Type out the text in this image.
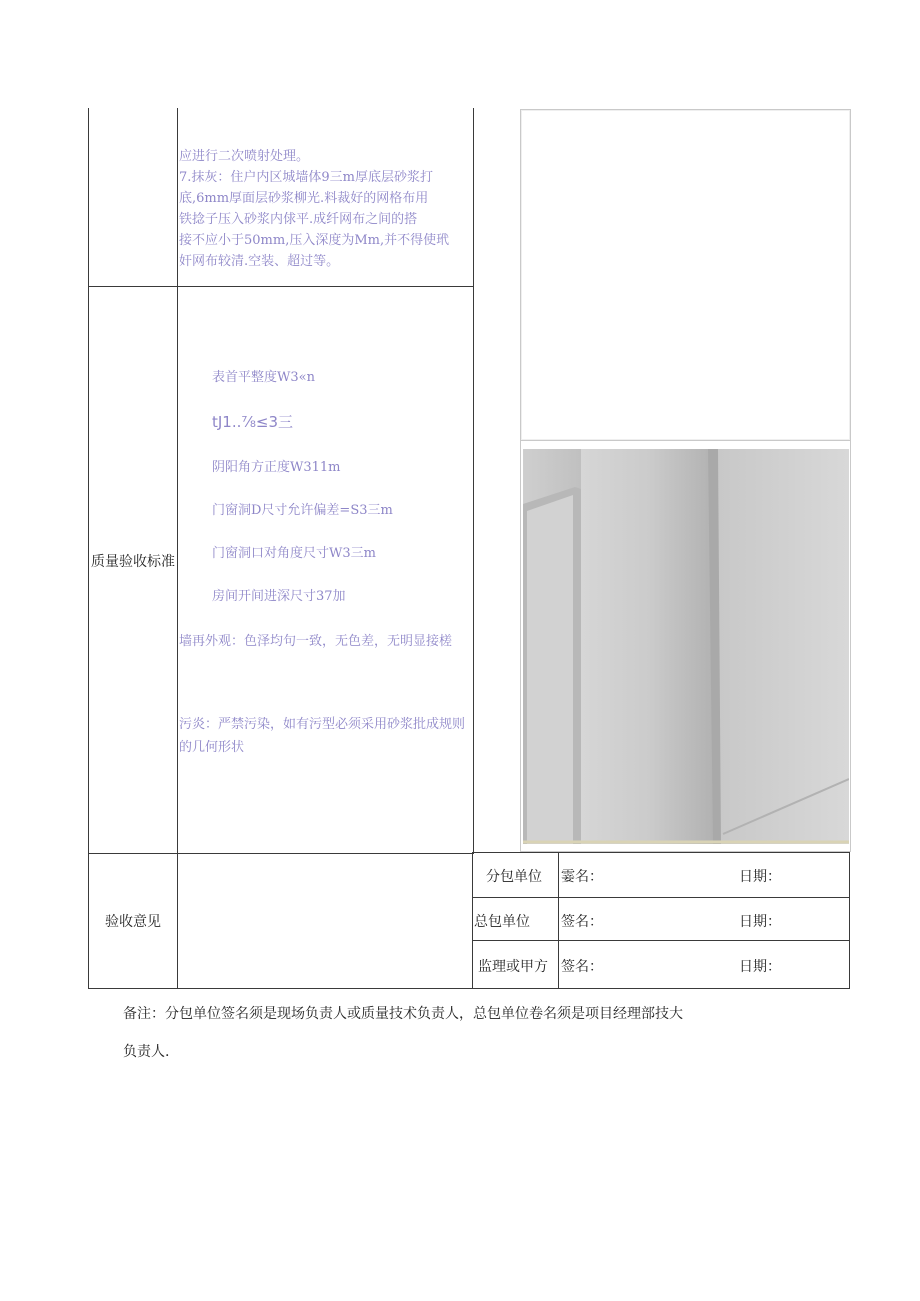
应进行二次喷射处理。
7.抹灰：住户内区城墙体9三m厚底层砂浆打
底,6mm厚面层砂浆柳光.料裁好的网格布用
铁捻子压入砂浆内俅平.成纤网布之间的搭
接不应小于50mm,压入深度为Mm,并不得使玳
奸网布较清.空装、超过等。
质量验收标准
表首平整度W3«n
tJ1..⅞≤3三
阴阳角方正度W311m
门窗洞D尺寸允许偏差=S3三m
门窗洞口对角度尺寸W3三m
房间开间进深尺寸37加
墙再外观：色泽均句一致，无色差，无明显接槎
污炎：严禁污染，如有污型必须采用砂浆批成规则的几何形状
验收意见
分包单位 霎名：	日期：
总包单位 签名：	日期：
监理或甲方 签名：	日期：
备注：分包单位签名须是现场负责人或质量技术负责人，总包单位卷名须是项目经理部技大
负责人.
